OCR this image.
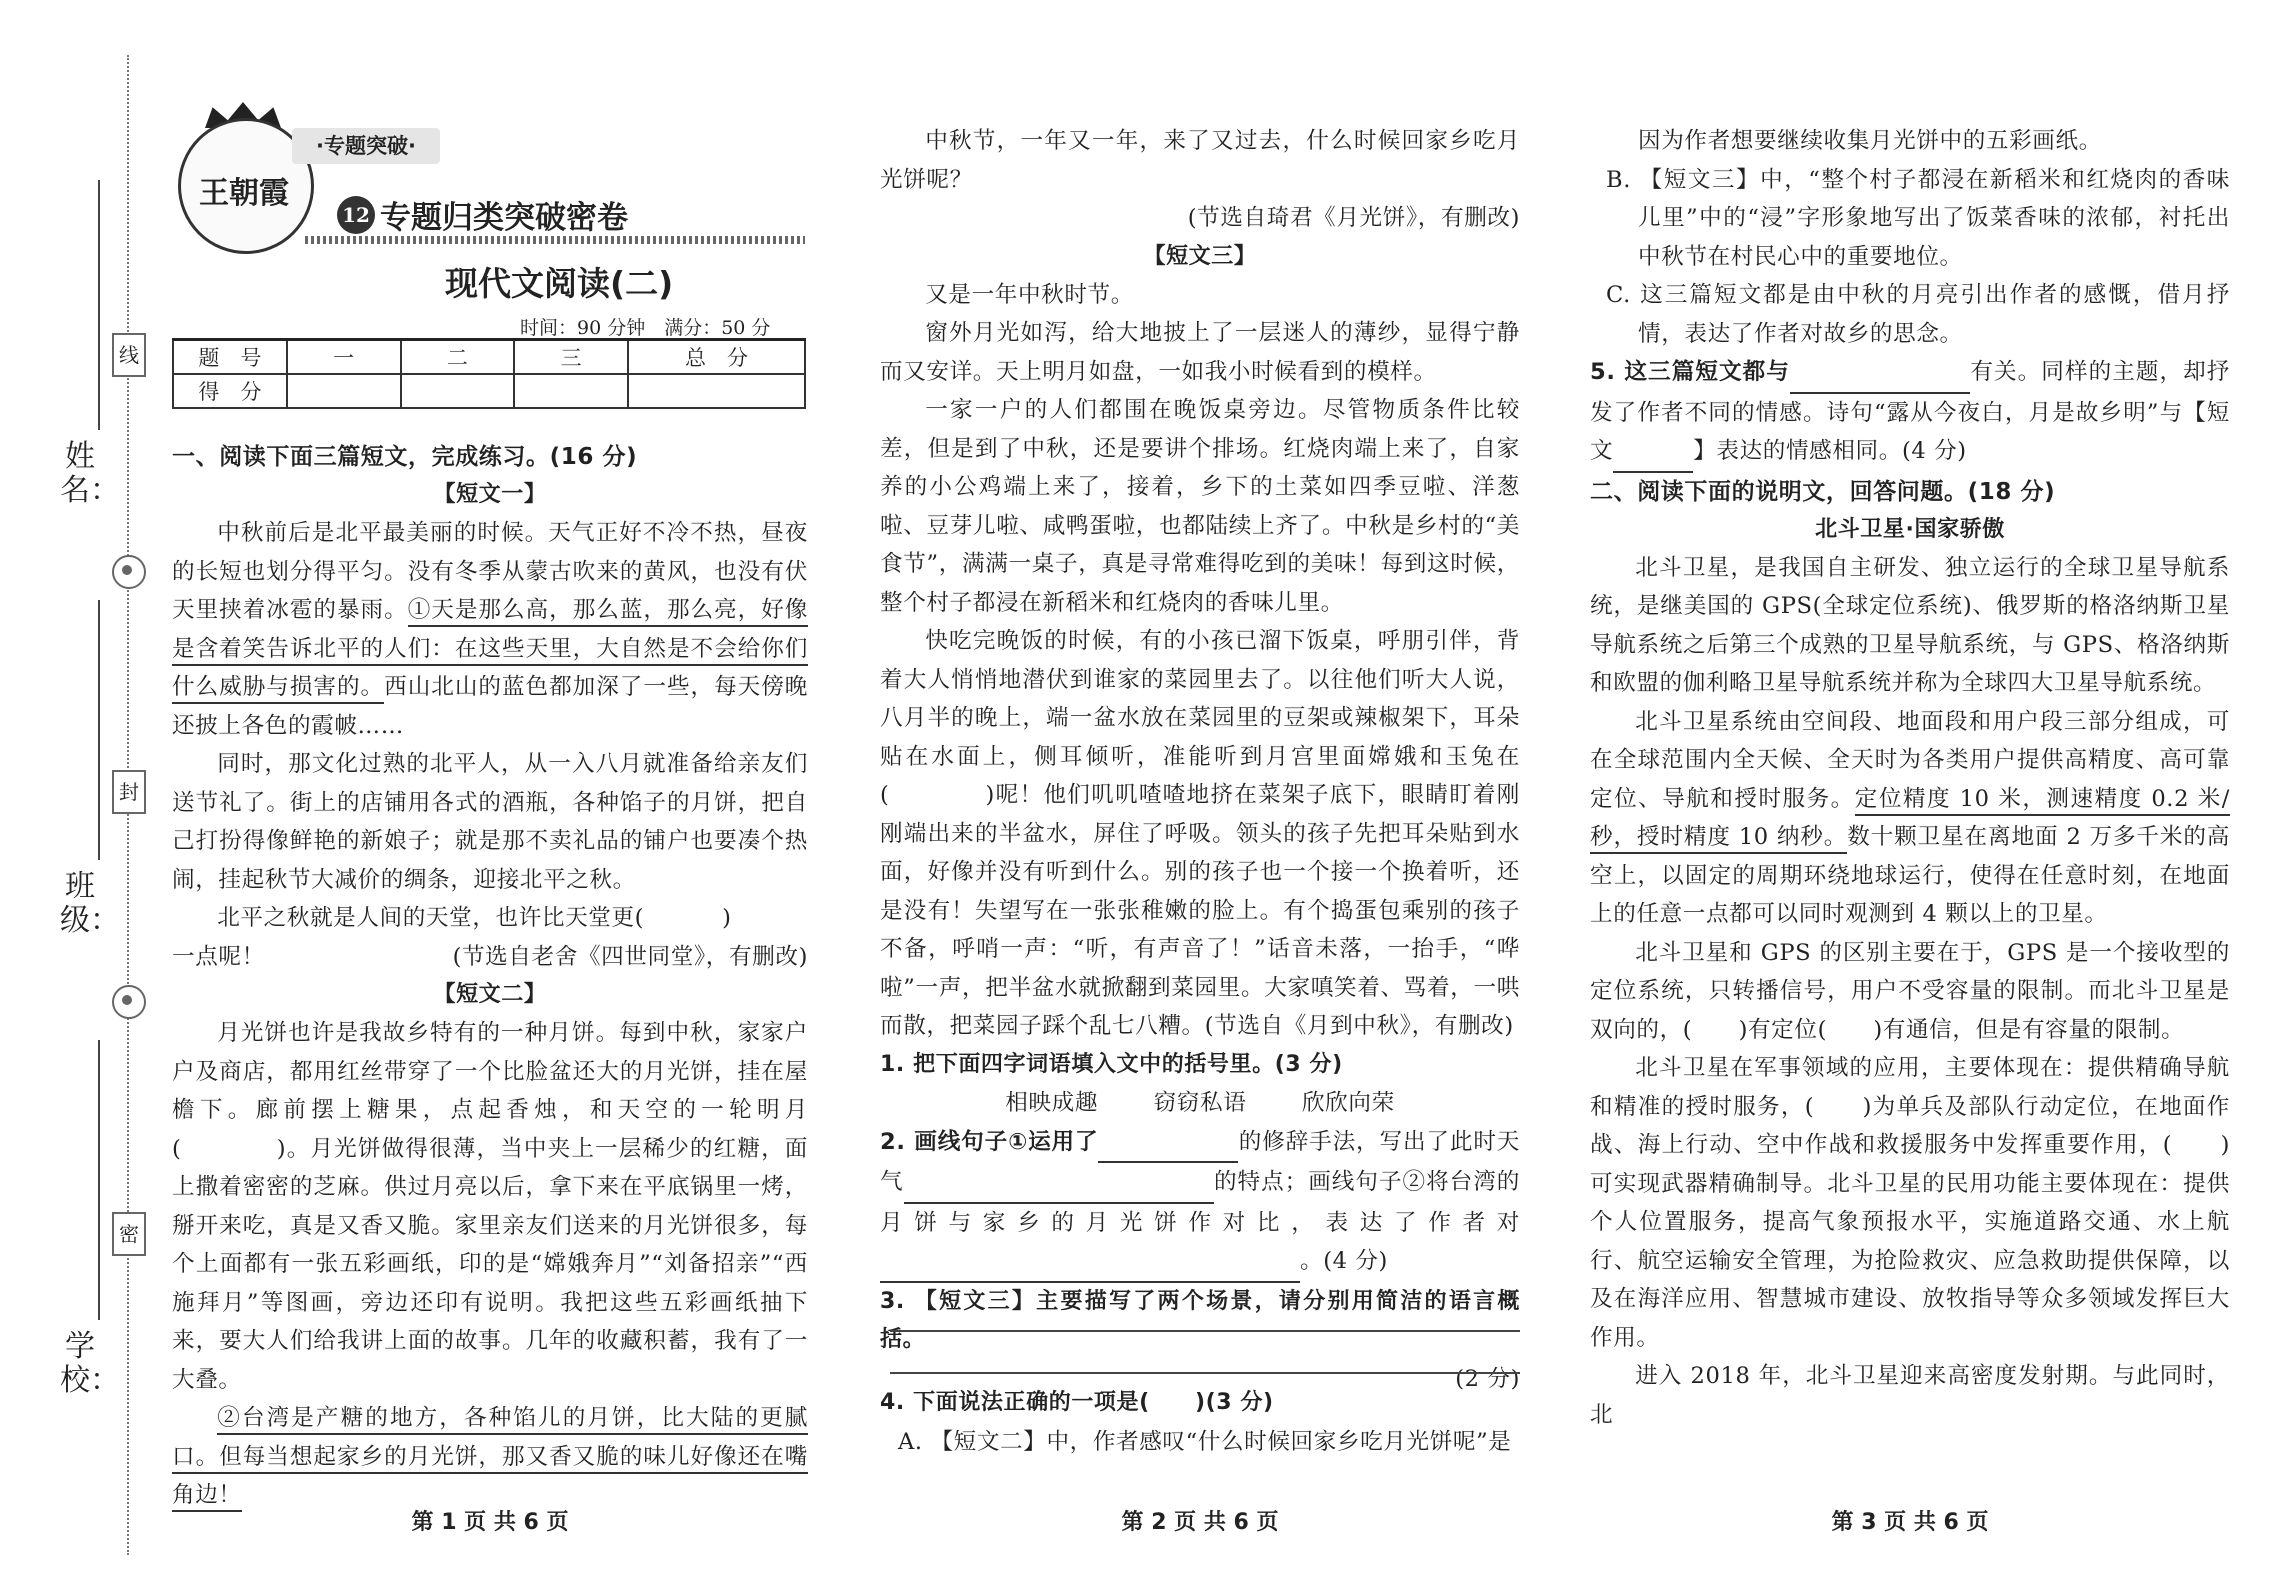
姓 名：
班 级：
学 校：
线
封
密
王朝霞
·专题突破·
12 专题归类突破密卷
现代文阅读(二)
时间：90 分钟　满分：50 分
题　号	一	二	三	总　分
得　分				
一、阅读下面三篇短文，完成练习。(16 分)
【短文一】

中秋前后是北平最美丽的时候。天气正好不冷不热，昼夜的长短也划分得平匀。没有冬季从蒙古吹来的黄风，也没有伏天里挟着冰雹的暴雨。①天是那么高，那么蓝，那么亮，好像是含着笑告诉北平的人们：在这些天里，大自然是不会给你们什么威胁与损害的。西山北山的蓝色都加深了一些，每天傍晚还披上各色的霞帔……

同时，那文化过熟的北平人，从一入八月就准备给亲友们送节礼了。街上的店铺用各式的酒瓶，各种馅子的月饼，把自己打扮得像鲜艳的新娘子；就是那不卖礼品的铺户也要凑个热闹，挂起秋节大减价的绸条，迎接北平之秋。

北平之秋就是人间的天堂，也许比天堂更(	)

一点呢！	(节选自老舍《四世同堂》，有删改)

【短文二】

月光饼也许是我故乡特有的一种月饼。每到中秋，家家户户及商店，都用红丝带穿了一个比脸盆还大的月光饼，挂在屋檐下。廊前摆上糖果，点起香烛，和天空的一轮明月(　　　　)。月光饼做得很薄，当中夹上一层稀少的红糖，面上撒着密密的芝麻。供过月亮以后，拿下来在平底锅里一烤，掰开来吃，真是又香又脆。家里亲友们送来的月光饼很多，每个上面都有一张五彩画纸，印的是“嫦娥奔月”“刘备招亲”“西施拜月”等图画，旁边还印有说明。我把这些五彩画纸抽下来，要大人们给我讲上面的故事。几年的收藏积蓄，我有了一大叠。

②台湾是产糖的地方，各种馅儿的月饼，比大陆的更腻口。但每当想起家乡的月光饼，那又香又脆的味儿好像还在嘴角边！

第 1 页 共 6 页

中秋节，一年又一年，来了又过去，什么时候回家乡吃月光饼呢？

(节选自琦君《月光饼》，有删改)
【短文三】

又是一年中秋时节。

窗外月光如泻，给大地披上了一层迷人的薄纱，显得宁静而又安详。天上明月如盘，一如我小时候看到的模样。

一家一户的人们都围在晚饭桌旁边。尽管物质条件比较差，但是到了中秋，还是要讲个排场。红烧肉端上来了，自家养的小公鸡端上来了，接着，乡下的土菜如四季豆啦、洋葱啦、豆芽儿啦、咸鸭蛋啦，也都陆续上齐了。中秋是乡村的“美食节”，满满一桌子，真是寻常难得吃到的美味！每到这时候，整个村子都浸在新稻米和红烧肉的香味儿里。

快吃完晚饭的时候，有的小孩已溜下饭桌，呼朋引伴，背着大人悄悄地潜伏到谁家的菜园里去了。以往他们听大人说，八月半的晚上，端一盆水放在菜园里的豆架或辣椒架下，耳朵贴在水面上，侧耳倾听，准能听到月宫里面嫦娥和玉兔在(　　　　)呢！他们叽叽喳喳地挤在菜架子底下，眼睛盯着刚刚端出来的半盆水，屏住了呼吸。领头的孩子先把耳朵贴到水面，好像并没有听到什么。别的孩子也一个接一个换着听，还是没有！失望写在一张张稚嫩的脸上。有个捣蛋包乘别的孩子不备，呼哨一声：“听，有声音了！”话音未落，一抬手，“哗啦”一声，把半盆水就掀翻到菜园里。大家嗔笑着、骂着，一哄而散，把菜园子踩个乱七八糟。(节选自《月到中秋》，有删改)

1. 把下面四字词语填入文中的括号里。(3 分)
相映成趣 窃窃私语 欣欣向荣

2. 画线句子①运用了	的修辞手法，写出了此时天气	的特点；画线句子②将台湾的月饼与家乡的月光饼作对比，表达了作者对 。(4 分)

3. 【短文三】主要描写了两个场景，请分别用简洁的语言概括。

(2 分)

4. 下面说法正确的一项是(　　)(3 分)

A. 【短文二】中，作者感叹“什么时候回家乡吃月光饼呢”是

第 2 页 共 6 页

因为作者想要继续收集月光饼中的五彩画纸。

B. 【短文三】中，“整个村子都浸在新稻米和红烧肉的香味儿里”中的“浸”字形象地写出了饭菜香味的浓郁，衬托出中秋节在村民心中的重要地位。

C. 这三篇短文都是由中秋的月亮引出作者的感慨，借月抒情，表达了作者对故乡的思念。

5. 这三篇短文都与	有关。同样的主题，却抒发了作者不同的情感。诗句“露从今夜白，月是故乡明”与【短文	】表达的情感相同。(4 分)

二、阅读下面的说明文，回答问题。(18 分)
北斗卫星·国家骄傲

北斗卫星，是我国自主研发、独立运行的全球卫星导航系统，是继美国的 GPS(全球定位系统)、俄罗斯的格洛纳斯卫星导航系统之后第三个成熟的卫星导航系统，与 GPS、格洛纳斯和欧盟的伽利略卫星导航系统并称为全球四大卫星导航系统。

北斗卫星系统由空间段、地面段和用户段三部分组成，可在全球范围内全天候、全天时为各类用户提供高精度、高可靠定位、导航和授时服务。定位精度 10 米，测速精度 0.2 米/秒，授时精度 10 纳秒。数十颗卫星在离地面 2 万多千米的高空上，以固定的周期环绕地球运行，使得在任意时刻，在地面上的任意一点都可以同时观测到 4 颗以上的卫星。

北斗卫星和 GPS 的区别主要在于，GPS 是一个接收型的定位系统，只转播信号，用户不受容量的限制。而北斗卫星是双向的，(　　)有定位(　　)有通信，但是有容量的限制。

北斗卫星在军事领域的应用，主要体现在：提供精确导航和精准的授时服务，(　　)为单兵及部队行动定位，在地面作战、海上行动、空中作战和救援服务中发挥重要作用，(　　)可实现武器精确制导。北斗卫星的民用功能主要体现在：提供个人位置服务，提高气象预报水平，实施道路交通、水上航行、航空运输安全管理，为抢险救灾、应急救助提供保障，以及在海洋应用、智慧城市建设、放牧指导等众多领域发挥巨大作用。

进入 2018 年，北斗卫星迎来高密度发射期。与此同时，北

第 3 页 共 6 页
